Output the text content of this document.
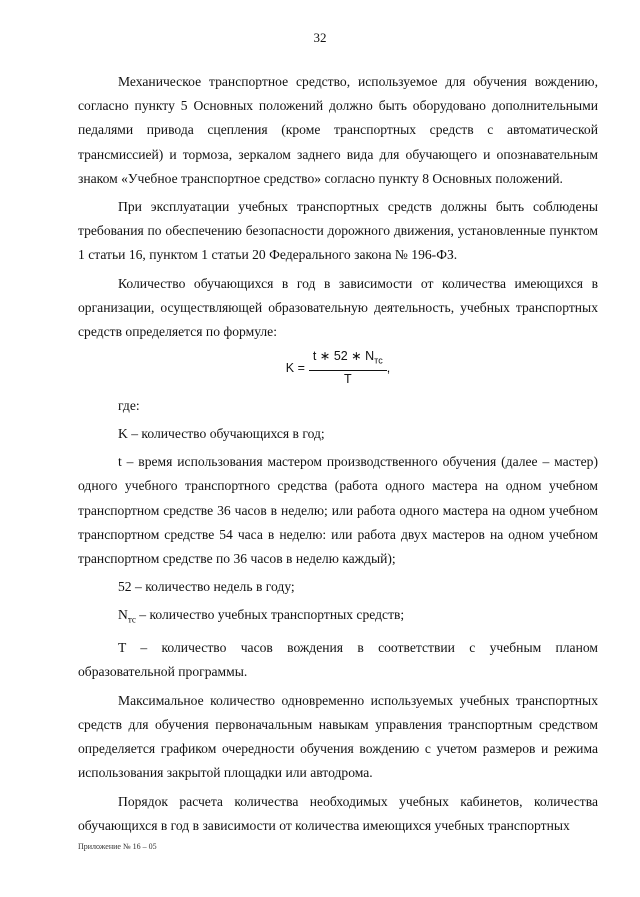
32

Механическое транспортное средство, используемое для обучения вождению, согласно пункту 5 Основных положений должно быть оборудовано дополнительными педалями привода сцепления (кроме транспортных средств с автоматической трансмиссией) и тормоза, зеркалом заднего вида для обучающего и опознавательным знаком «Учебное транспортное средство» согласно пункту 8 Основных положений.

При эксплуатации учебных транспортных средств должны быть соблюдены требования по обеспечению безопасности дорожного движения, установленные пунктом 1 статьи 16, пунктом 1 статьи 20 Федерального закона № 196-ФЗ.

Количество обучающихся в год в зависимости от количества имеющихся в организации, осуществляющей образовательную деятельность, учебных транспортных средств определяется по формуле:

$K = \frac{t ∗ 52 ∗ N_{тс}}{T}$ ,

где:

K – количество обучающихся в год;

t – время использования мастером производственного обучения (далее – мастер) одного учебного транспортного средства (работа одного мастера на одном учебном транспортном средстве 36 часов в неделю; или работа одного мастера на одном учебном транспортном средстве 54 часа в неделю: или работа двух мастеров на одном учебном транспортном средстве по 36 часов в неделю каждый);

52 – количество недель в году;

$N_{тс}$ – количество учебных транспортных средств;

T – количество часов вождения в соответствии с учебным планом образовательной программы.

Максимальное количество одновременно используемых учебных транспортных средств для обучения первоначальным навыкам управления транспортным средством определяется графиком очередности обучения вождению с учетом размеров и режима использования закрытой площадки или автодрома.

Порядок расчета количества необходимых учебных кабинетов, количества обучающихся в год в зависимости от количества имеющихся учебных транспортных

Приложение № 16 – 05
